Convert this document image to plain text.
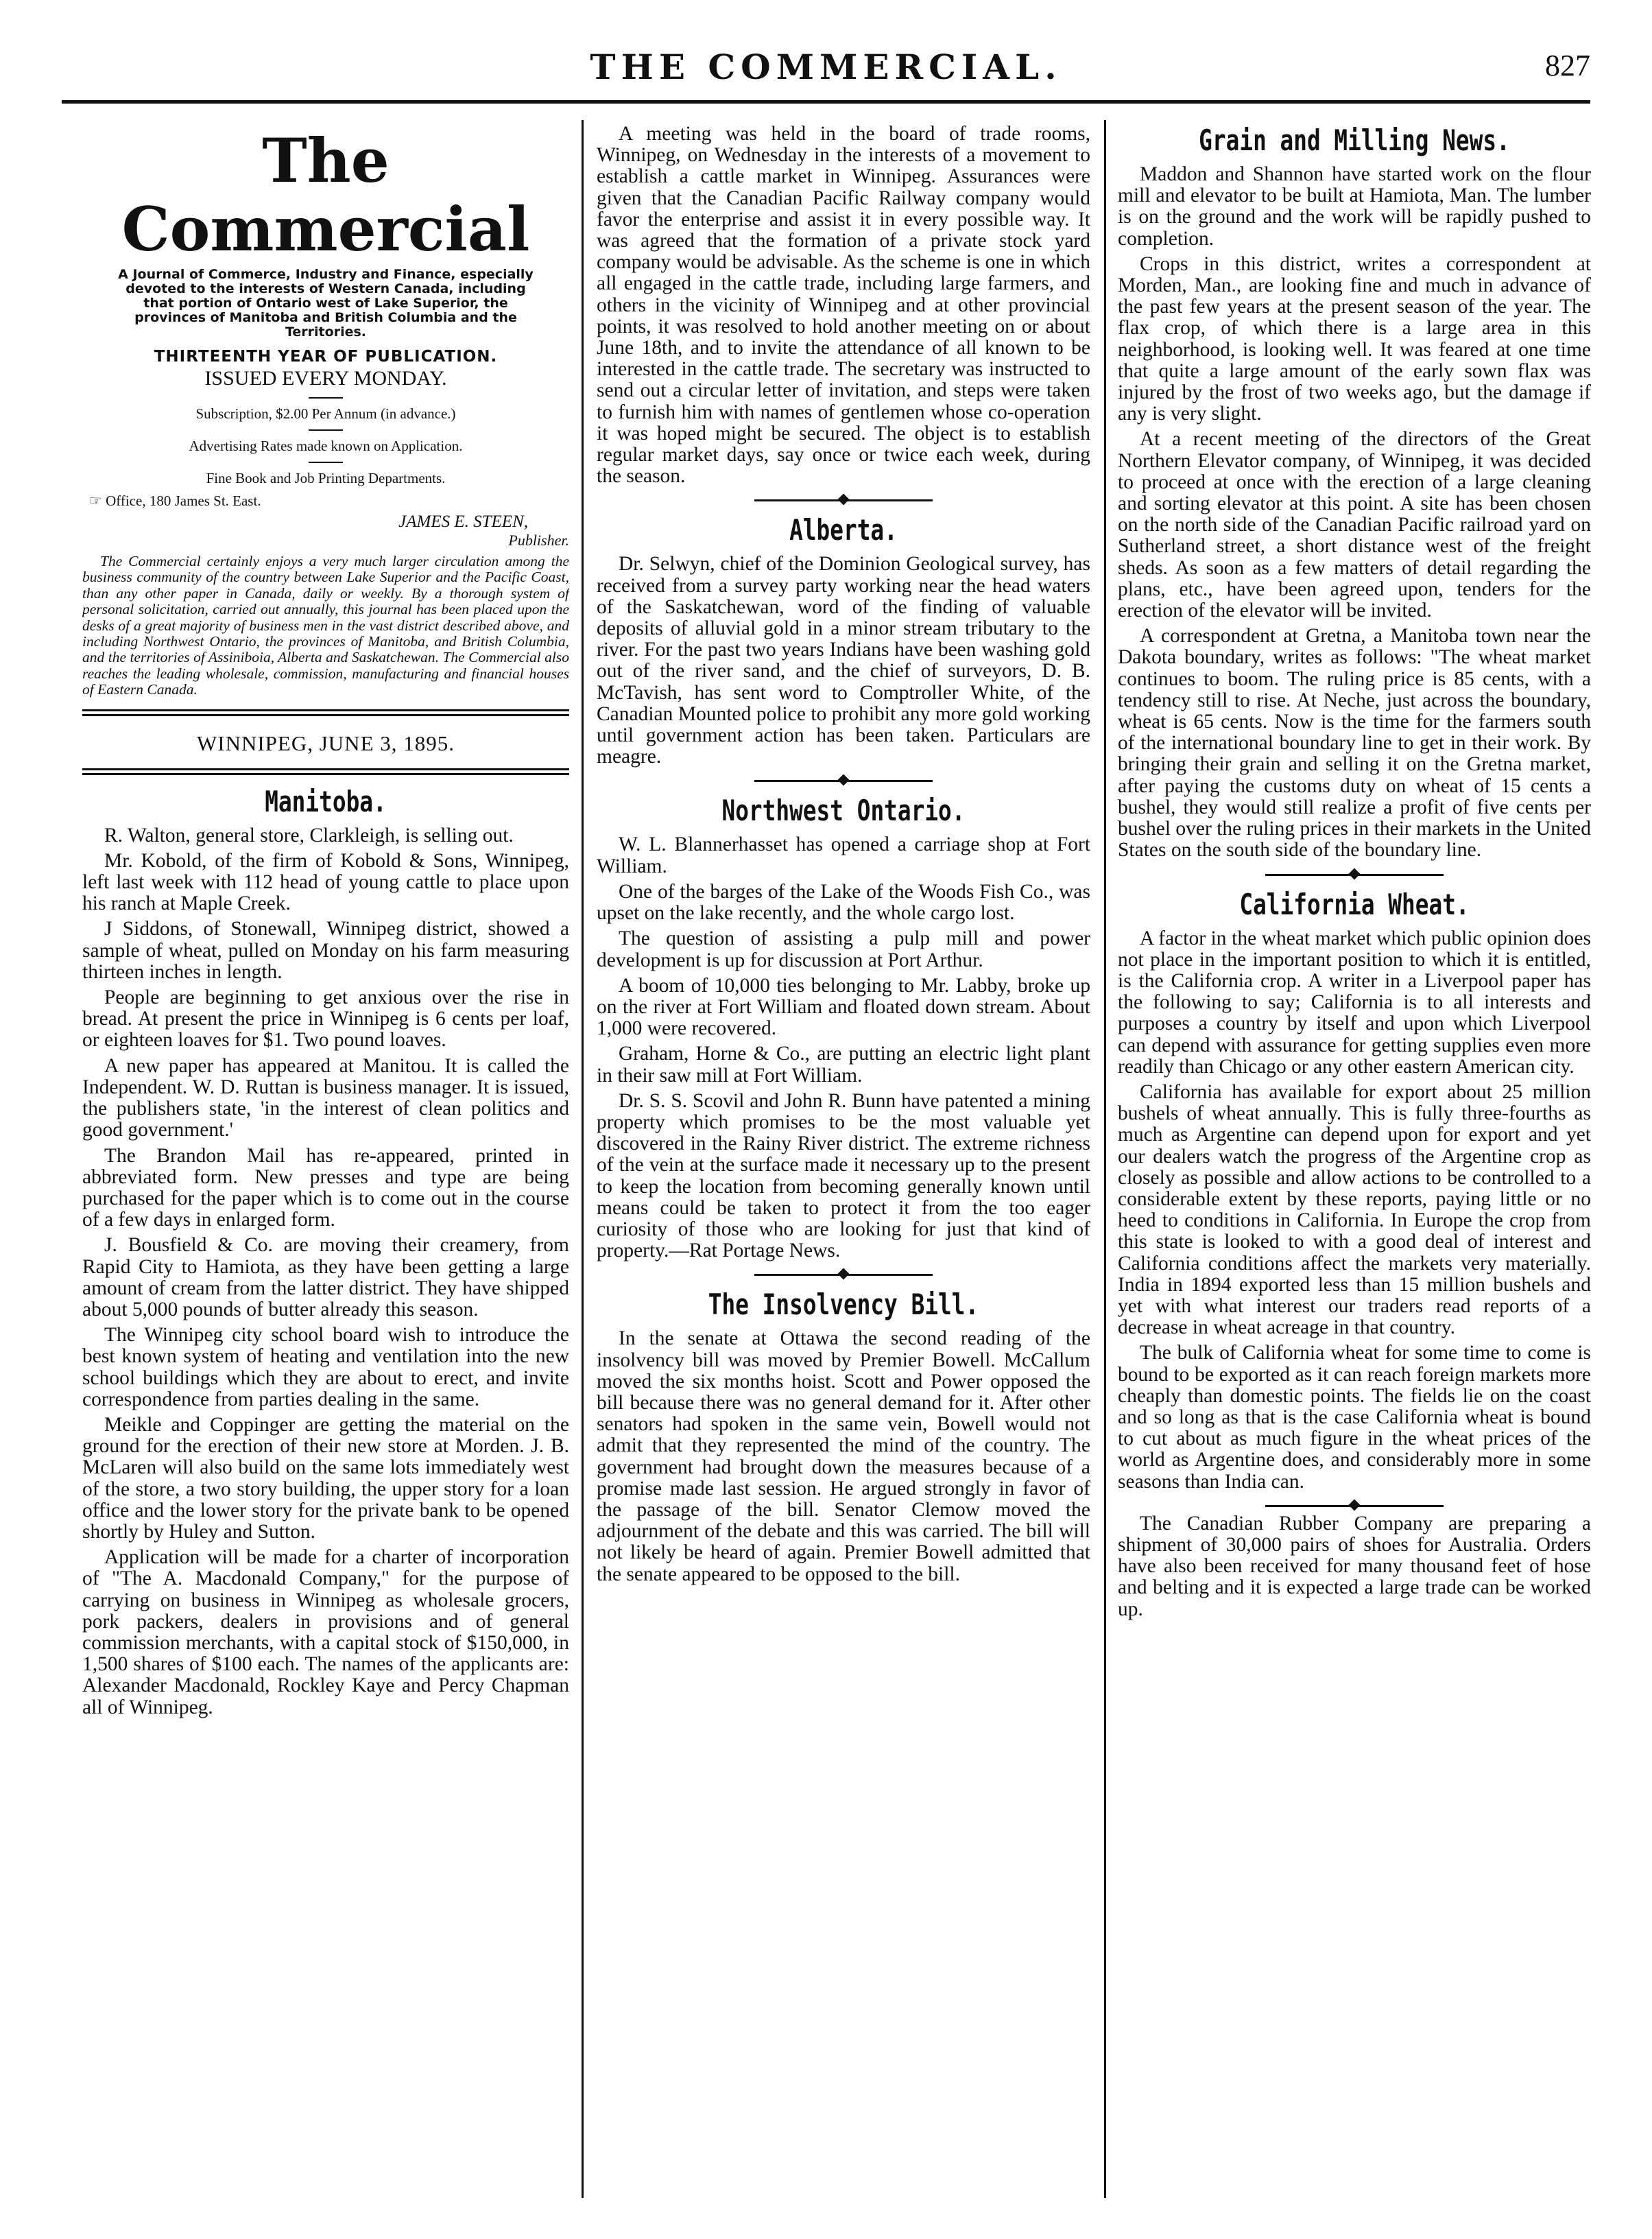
THE COMMERCIAL.	827
The Commercial
A Journal of Commerce, Industry and Finance, especially devoted to the interests of Western Canada, including that portion of Ontario west of Lake Superior, the provinces of Manitoba and British Columbia and the Territories.
THIRTEENTH YEAR OF PUBLICATION.
ISSUED EVERY MONDAY.
Subscription, $2.00 Per Annum (in advance.)
Advertising Rates made known on Application.
Fine Book and Job Printing Departments.
☞ Office, 180 James St. East.
JAMES E. STEEN,
Publisher.
The Commercial certainly enjoys a very much larger circulation among the business community of the country between Lake Superior and the Pacific Coast, than any other paper in Canada, daily or weekly. By a thorough system of personal solicitation, carried out annually, this journal has been placed upon the desks of a great majority of business men in the vast district described above, and including Northwest Ontario, the provinces of Manitoba, and British Columbia, and the territories of Assiniboia, Alberta and Saskatchewan. The Commercial also reaches the leading wholesale, commission, manufacturing and financial houses of Eastern Canada.
WINNIPEG, JUNE 3, 1895.
Manitoba.

R. Walton, general store, Clarkleigh, is selling out.

Mr. Kobold, of the firm of Kobold & Sons, Winnipeg, left last week with 112 head of young cattle to place upon his ranch at Maple Creek.

J Siddons, of Stonewall, Winnipeg district, showed a sample of wheat, pulled on Monday on his farm measuring thirteen inches in length.

People are beginning to get anxious over the rise in bread. At present the price in Winnipeg is 6 cents per loaf, or eighteen loaves for $1. Two pound loaves.

A new paper has appeared at Manitou. It is called the Independent. W. D. Ruttan is business manager. It is issued, the publishers state, 'in the interest of clean politics and good government.'

The Brandon Mail has re-appeared, printed in abbreviated form. New presses and type are being purchased for the paper which is to come out in the course of a few days in enlarged form.

J. Bousfield & Co. are moving their creamery, from Rapid City to Hamiota, as they have been getting a large amount of cream from the latter district. They have shipped about 5,000 pounds of butter already this season.

The Winnipeg city school board wish to introduce the best known system of heating and ventilation into the new school buildings which they are about to erect, and invite correspondence from parties dealing in the same.

Meikle and Coppinger are getting the material on the ground for the erection of their new store at Morden. J. B. McLaren will also build on the same lots immediately west of the store, a two story building, the upper story for a loan office and the lower story for the private bank to be opened shortly by Huley and Sutton.

Application will be made for a charter of incorporation of "The A. Macdonald Company," for the purpose of carrying on business in Winnipeg as wholesale grocers, pork packers, dealers in provisions and of general commission merchants, with a capital stock of $150,000, in 1,500 shares of $100 each. The names of the applicants are: Alexander Macdonald, Rockley Kaye and Percy Chapman all of Winnipeg.

A meeting was held in the board of trade rooms, Winnipeg, on Wednesday in the interests of a movement to establish a cattle market in Winnipeg. Assurances were given that the Canadian Pacific Railway company would favor the enterprise and assist it in every possible way. It was agreed that the formation of a private stock yard company would be advisable. As the scheme is one in which all engaged in the cattle trade, including large farmers, and others in the vicinity of Winnipeg and at other provincial points, it was resolved to hold another meeting on or about June 18th, and to invite the attendance of all known to be interested in the cattle trade. The secretary was instructed to send out a circular letter of invitation, and steps were taken to furnish him with names of gentlemen whose co-operation it was hoped might be secured. The object is to establish regular market days, say once or twice each week, during the season.

Alberta.

Dr. Selwyn, chief of the Dominion Geological survey, has received from a survey party working near the head waters of the Saskatchewan, word of the finding of valuable deposits of alluvial gold in a minor stream tributary to the river. For the past two years Indians have been washing gold out of the river sand, and the chief of surveyors, D. B. McTavish, has sent word to Comptroller White, of the Canadian Mounted police to prohibit any more gold working until government action has been taken. Particulars are meagre.

Northwest Ontario.

W. L. Blannerhasset has opened a carriage shop at Fort William.

One of the barges of the Lake of the Woods Fish Co., was upset on the lake recently, and the whole cargo lost.

The question of assisting a pulp mill and power development is up for discussion at Port Arthur.

A boom of 10,000 ties belonging to Mr. Labby, broke up on the river at Fort William and floated down stream. About 1,000 were recovered.

Graham, Horne & Co., are putting an electric light plant in their saw mill at Fort William.

Dr. S. S. Scovil and John R. Bunn have patented a mining property which promises to be the most valuable yet discovered in the Rainy River district. The extreme richness of the vein at the surface made it necessary up to the present to keep the location from becoming generally known until means could be taken to protect it from the too eager curiosity of those who are looking for just that kind of property.—Rat Portage News.

The Insolvency Bill.

In the senate at Ottawa the second reading of the insolvency bill was moved by Premier Bowell. McCallum moved the six months hoist. Scott and Power opposed the bill because there was no general demand for it. After other senators had spoken in the same vein, Bowell would not admit that they represented the mind of the country. The government had brought down the measures because of a promise made last session. He argued strongly in favor of the passage of the bill. Senator Clemow moved the adjournment of the debate and this was carried. The bill will not likely be heard of again. Premier Bowell admitted that the senate appeared to be opposed to the bill.

Grain and Milling News.

Maddon and Shannon have started work on the flour mill and elevator to be built at Hamiota, Man. The lumber is on the ground and the work will be rapidly pushed to completion.

Crops in this district, writes a correspondent at Morden, Man., are looking fine and much in advance of the past few years at the present season of the year. The flax crop, of which there is a large area in this neighborhood, is looking well. It was feared at one time that quite a large amount of the early sown flax was injured by the frost of two weeks ago, but the damage if any is very slight.

At a recent meeting of the directors of the Great Northern Elevator company, of Winnipeg, it was decided to proceed at once with the erection of a large cleaning and sorting elevator at this point. A site has been chosen on the north side of the Canadian Pacific railroad yard on Sutherland street, a short distance west of the freight sheds. As soon as a few matters of detail regarding the plans, etc., have been agreed upon, tenders for the erection of the elevator will be invited.

A correspondent at Gretna, a Manitoba town near the Dakota boundary, writes as follows: "The wheat market continues to boom. The ruling price is 85 cents, with a tendency still to rise. At Neche, just across the boundary, wheat is 65 cents. Now is the time for the farmers south of the international boundary line to get in their work. By bringing their grain and selling it on the Gretna market, after paying the customs duty on wheat of 15 cents a bushel, they would still realize a profit of five cents per bushel over the ruling prices in their markets in the United States on the south side of the boundary line.

California Wheat.

A factor in the wheat market which public opinion does not place in the important position to which it is entitled, is the California crop. A writer in a Liverpool paper has the following to say; California is to all interests and purposes a country by itself and upon which Liverpool can depend with assurance for getting supplies even more readily than Chicago or any other eastern American city.

California has available for export about 25 million bushels of wheat annually. This is fully three-fourths as much as Argentine can depend upon for export and yet our dealers watch the progress of the Argentine crop as closely as possible and allow actions to be controlled to a considerable extent by these reports, paying little or no heed to conditions in California. In Europe the crop from this state is looked to with a good deal of interest and California conditions affect the markets very materially. India in 1894 exported less than 15 million bushels and yet with what interest our traders read reports of a decrease in wheat acreage in that country.

The bulk of California wheat for some time to come is bound to be exported as it can reach foreign markets more cheaply than domestic points. The fields lie on the coast and so long as that is the case California wheat is bound to cut about as much figure in the wheat prices of the world as Argentine does, and considerably more in some seasons than India can.

The Canadian Rubber Company are preparing a shipment of 30,000 pairs of shoes for Australia. Orders have also been received for many thousand feet of hose and belting and it is expected a large trade can be worked up.
